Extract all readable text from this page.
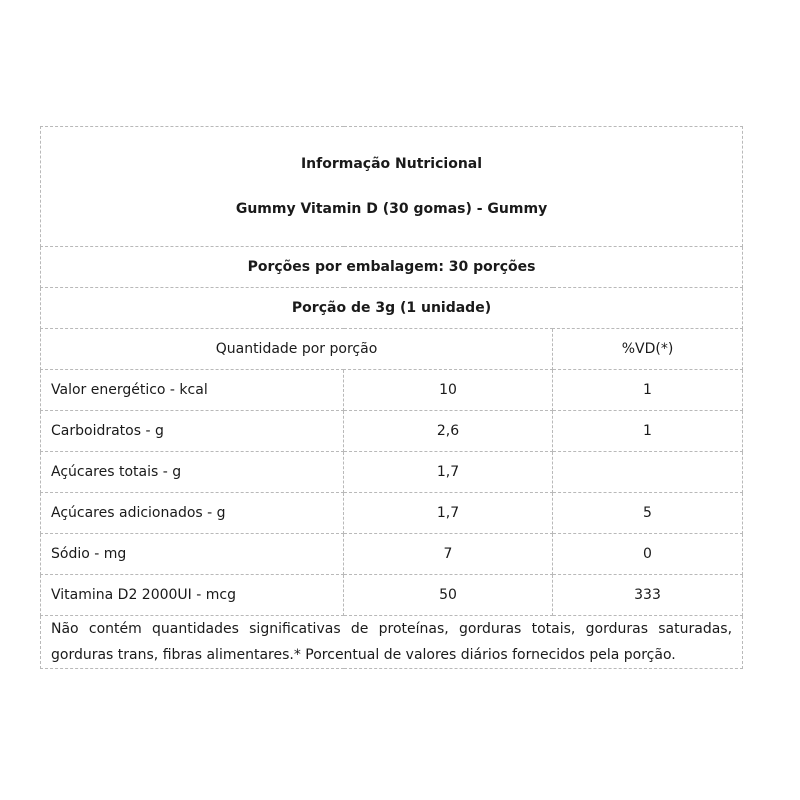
Informação Nutricional
Gummy Vitamin D (30 gomas) - Gummy		

Porções por embalagem: 30 porções		
Porção de 3g (1 unidade)		
Quantidade por porção		%VD(*)
Valor energético - kcal	10	1
Carboidratos - g	2,6	1
Açúcares totais - g	1,7	
Açúcares adicionados - g	1,7	5
Sódio - mg	7	0
Vitamina D2 2000UI - mcg	50	333
Não contém quantidades significativas de proteínas, gorduras totais, gorduras saturadas, gorduras trans, fibras alimentares.* Porcentual de valores diários fornecidos pela porção.		
